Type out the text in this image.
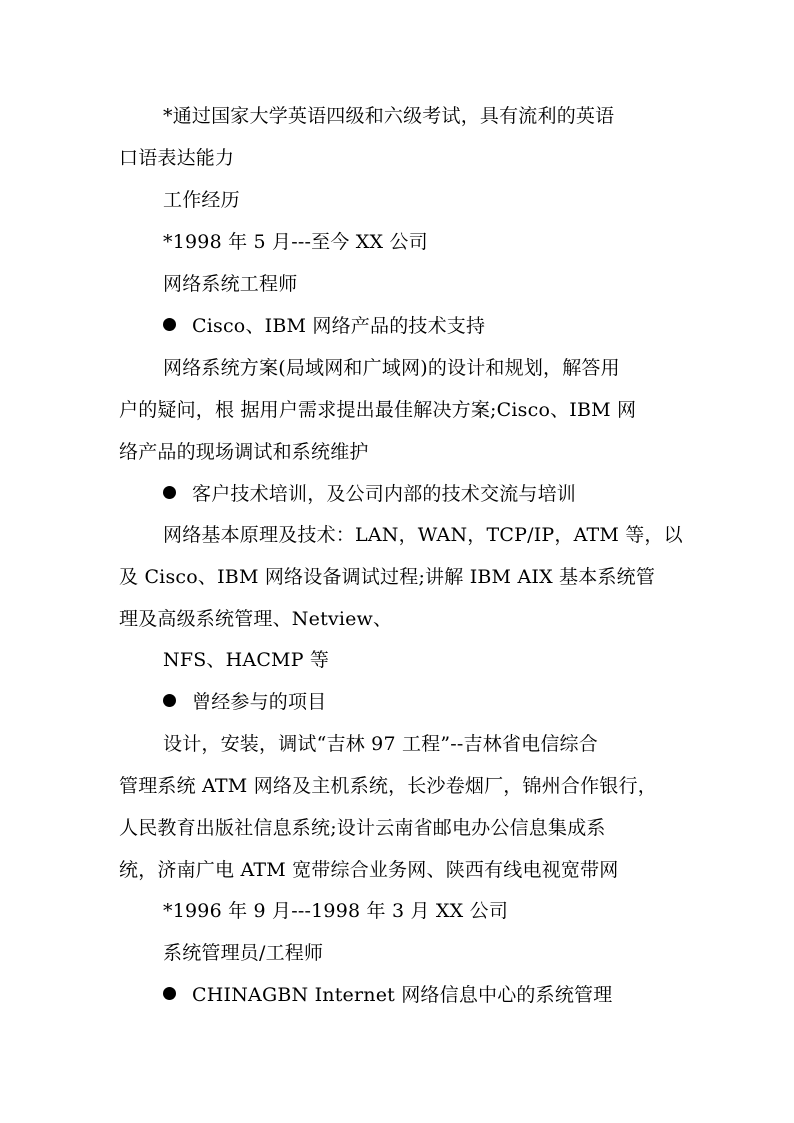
*通过国家大学英语四级和六级考试，具有流利的英语
口语表达能力
工作经历
*1998 年 5 月---至今 XX 公司
网络系统工程师
Cisco、IBM 网络产品的技术支持
网络系统方案(局域网和广域网)的设计和规划，解答用
户的疑问，根 据用户需求提出最佳解决方案;Cisco、IBM 网
络产品的现场调试和系统维护
客户技术培训，及公司内部的技术交流与培训
网络基本原理及技术：LAN，WAN，TCP/IP，ATM 等，以
及 Cisco、IBM 网络设备调试过程;讲解 IBM AIX 基本系统管
理及高级系统管理、Netview、
NFS、HACMP 等
曾经参与的项目
设计，安装，调试“吉林 97 工程”--吉林省电信综合
管理系统 ATM 网络及主机系统，长沙卷烟厂，锦州合作银行，
人民教育出版社信息系统;设计云南省邮电办公信息集成系
统，济南广电 ATM 宽带综合业务网、陕西有线电视宽带网
*1996 年 9 月---1998 年 3 月 XX 公司
系统管理员/工程师
CHINAGBN Internet 网络信息中心的系统管理
